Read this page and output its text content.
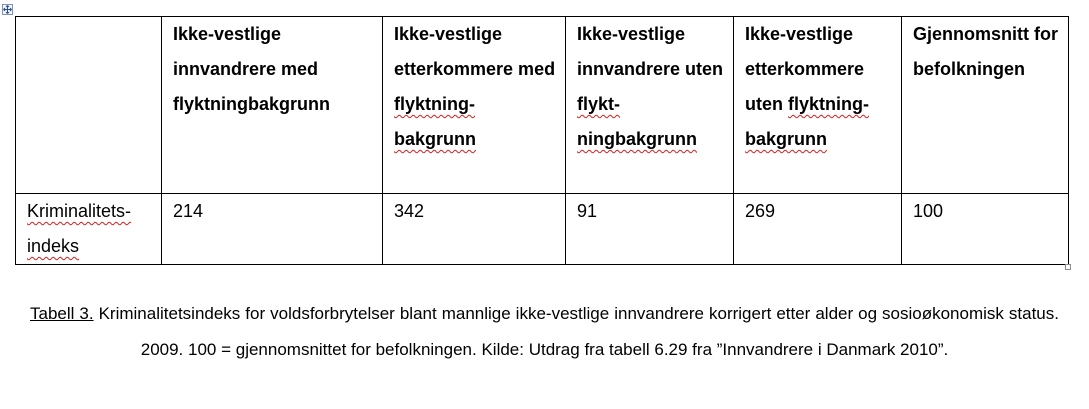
	Ikke-vestlige innvandrere med flyktningbakgrunn	Ikke-vestlige etterkommere med flyktning- bakgrunn	Ikke-vestlige innvandrere uten flykt- ningbakgrunn	Ikke-vestlige etterkommere uten flyktning- bakgrunn	Gjennomsnitt for befolkningen
Kriminalitets- indeks	214	342	91	269	100

Tabell 3. Kriminalitetsindeks for voldsforbrytelser blant mannlige ikke-vestlige innvandrere korrigert etter alder og sosioøkonomisk status. 2009. 100 = gjennomsnittet for befolkningen. Kilde: Utdrag fra tabell 6.29 fra ”Innvandrere i Danmark 2010”.
